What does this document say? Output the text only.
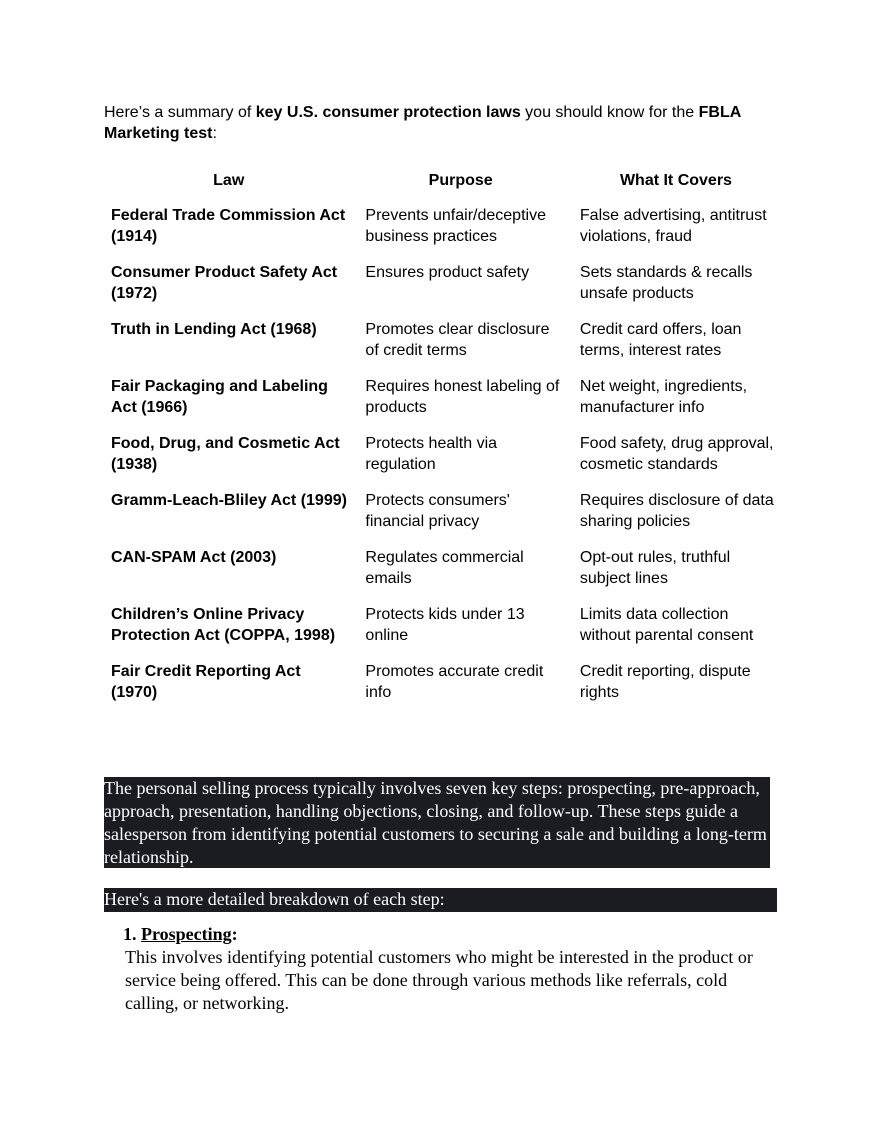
Here’s a summary of key U.S. consumer protection laws you should know for the FBLA Marketing test:
Law	Purpose	What It Covers
Federal Trade Commission Act (1914)	Prevents unfair/deceptive business practices	False advertising, antitrust violations, fraud
Consumer Product Safety Act (1972)	Ensures product safety	Sets standards & recalls unsafe products
Truth in Lending Act (1968)	Promotes clear disclosure of credit terms	Credit card offers, loan terms, interest rates
Fair Packaging and Labeling Act (1966)	Requires honest labeling of products	Net weight, ingredients, manufacturer info
Food, Drug, and Cosmetic Act (1938)	Protects health via regulation	Food safety, drug approval, cosmetic standards
Gramm-Leach-Bliley Act (1999)	Protects consumers' financial privacy	Requires disclosure of data sharing policies
CAN-SPAM Act (2003)	Regulates commercial emails	Opt-out rules, truthful subject lines
Children’s Online Privacy Protection Act (COPPA, 1998)	Protects kids under 13 online	Limits data collection without parental consent
Fair Credit Reporting Act (1970)	Promotes accurate credit info	Credit reporting, dispute rights
The personal selling process typically involves seven key steps: prospecting, pre-approach, approach, presentation, handling objections, closing, and follow-up. These steps guide a salesperson from identifying potential customers to securing a sale and building a long-term relationship.
Here's a more detailed breakdown of each step:
1. Prospecting:
This involves identifying potential customers who might be interested in the product or service being offered. This can be done through various methods like referrals, cold calling, or networking.
